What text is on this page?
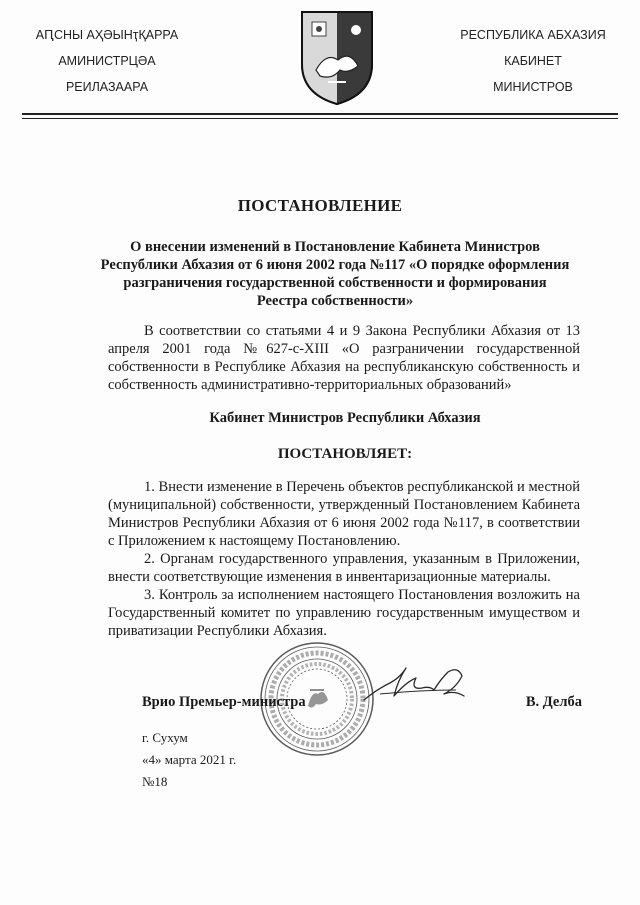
АԤСНЫ АҲӘЫНҭҚАРРА
АМИНИСТРЦӘА
РЕИЛАЗААРА
РЕСПУБЛИКА АБХАЗИЯ
КАБИНЕТ
МИНИСТРОВ
ПОСТАНОВЛЕНИЕ
О внесении изменений в Постановление Кабинета Министров Республики Абхазия от 6 июня 2002 года №117 «О порядке оформления разграничения государственной собственности и формирования Реестра собственности»
В соответствии со статьями 4 и 9 Закона Республики Абхазия от 13 апреля 2001 года №627-с-XIII «О разграничении государственной собственности в Республике Абхазия на республиканскую собственность и собственность административно-территориальных образований»
Кабинет Министров Республики Абхазия
ПОСТАНОВЛЯЕТ:

1. Внести изменение в Перечень объектов республиканской и местной (муниципальной) собственности, утвержденный Постановлением Кабинета Министров Республики Абхазия от 6 июня 2002 года №117, в соответствии с Приложением к настоящему Постановлению.

2. Органам государственного управления, указанным в Приложении, внести соответствующие изменения в инвентаризационные материалы.

3. Контроль за исполнением настоящего Постановления возложить на Государственный комитет по управлению государственным имуществом и приватизации Республики Абхазия.

Врио Премьер-министра	В. Делба
г. Сухум
«4» марта 2021 г.
№18
